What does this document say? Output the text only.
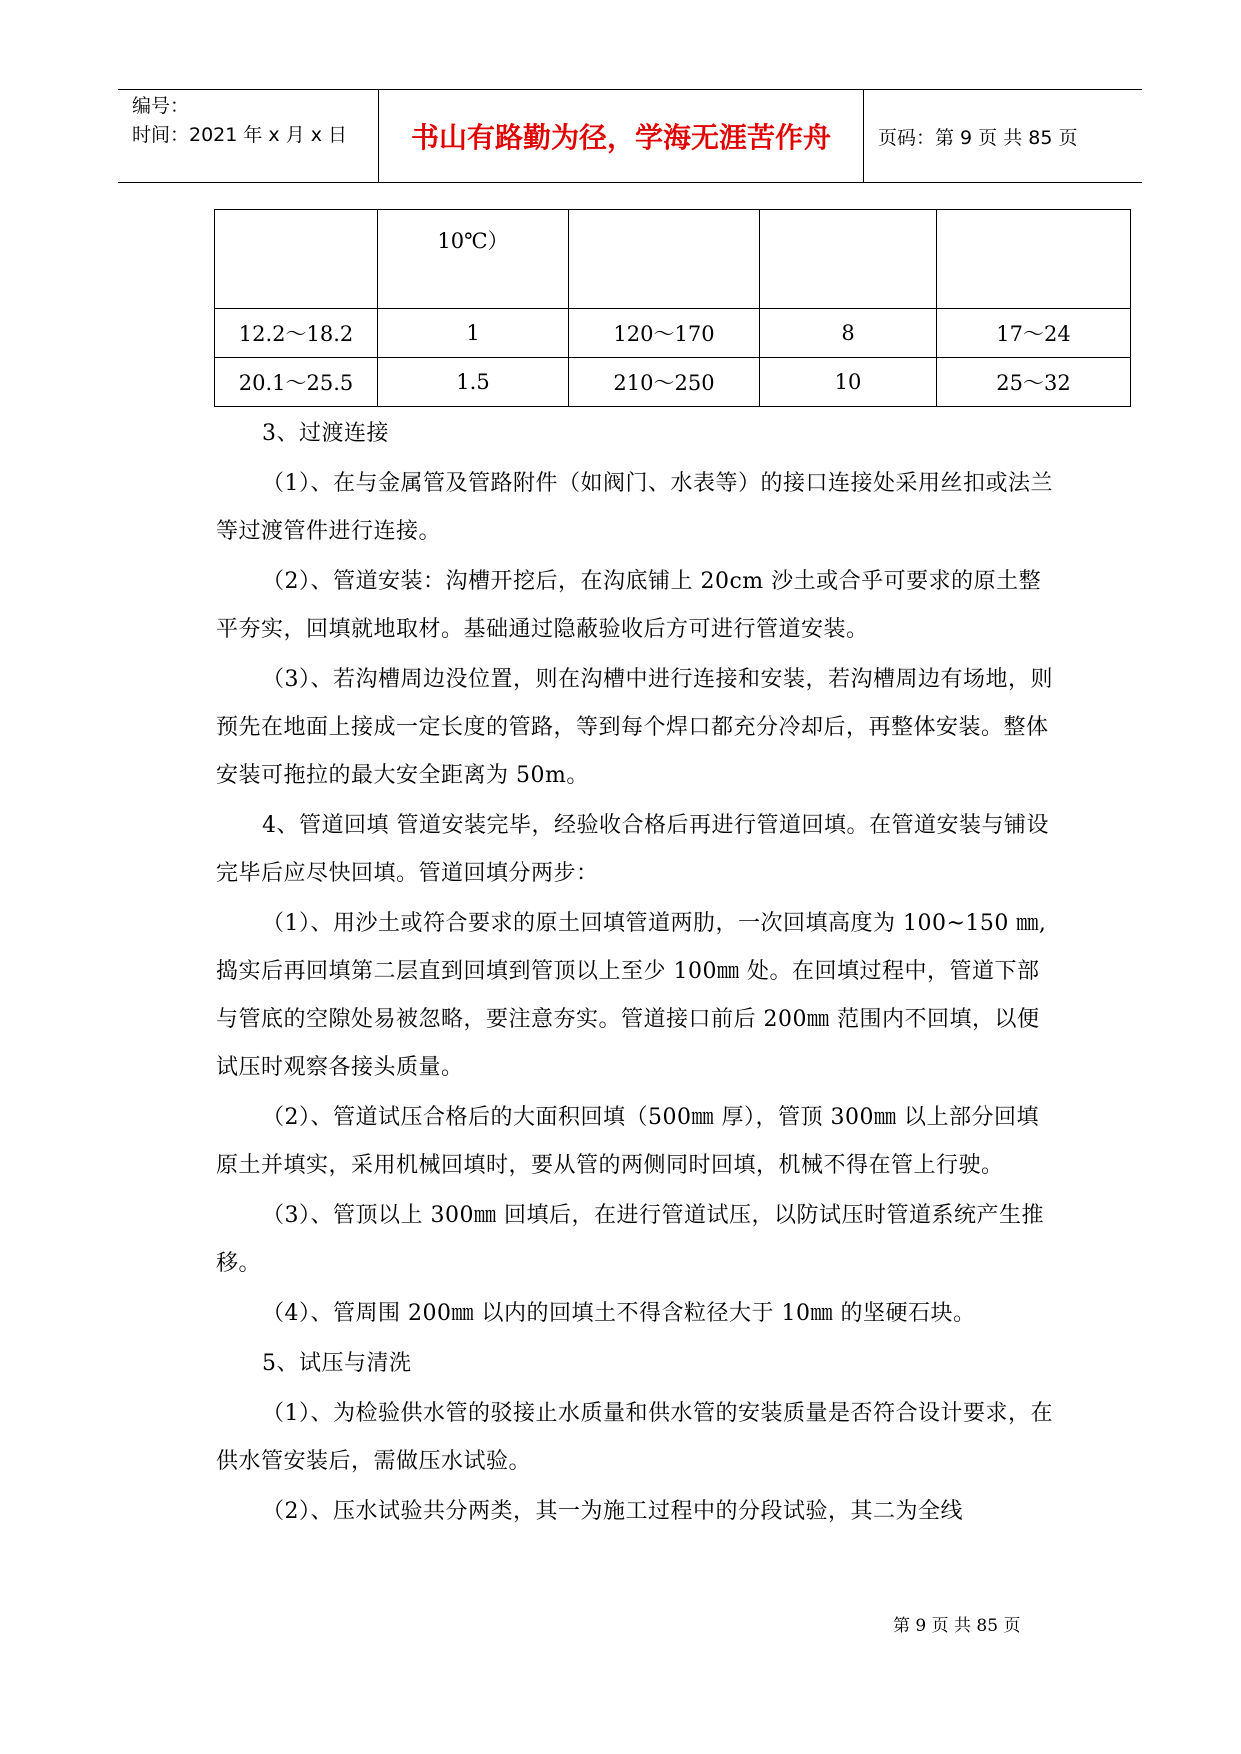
编号：
时间：2021 年 x 月 x 日	书山有路勤为径，学海无涯苦作舟	页码：第 9 页 共 85 页

	10℃）			

12.2～18.2	1	120～170	8	17～24
20.1～25.5	1.5	210～250	10	25～32

3、过渡连接

（1）、在与金属管及管路附件（如阀门、水表等）的接口连接处采用丝扣或法兰等过渡管件进行连接。

（2）、管道安装：沟槽开挖后，在沟底铺上 20cm 沙土或合乎可要求的原土整平夯实，回填就地取材。基础通过隐蔽验收后方可进行管道安装。

（3）、若沟槽周边没位置，则在沟槽中进行连接和安装，若沟槽周边有场地，则预先在地面上接成一定长度的管路，等到每个焊口都充分冷却后，再整体安装。整体安装可拖拉的最大安全距离为 50m。

4、管道回填 管道安装完毕，经验收合格后再进行管道回填。在管道安装与铺设完毕后应尽快回填。管道回填分两步：

（1）、用沙土或符合要求的原土回填管道两肋，一次回填高度为 100~150 ㎜,捣实后再回填第二层直到回填到管顶以上至少 100㎜ 处。在回填过程中，管道下部与管底的空隙处易被忽略，要注意夯实。管道接口前后 200㎜ 范围内不回填，以便试压时观察各接头质量。

（2）、管道试压合格后的大面积回填（500㎜ 厚），管顶 300㎜ 以上部分回填原土并填实，采用机械回填时，要从管的两侧同时回填，机械不得在管上行驶。

（3）、管顶以上 300㎜ 回填后，在进行管道试压，以防试压时管道系统产生推移。

（4）、管周围 200㎜ 以内的回填土不得含粒径大于 10㎜ 的坚硬石块。

5、试压与清洗

（1）、为检验供水管的驳接止水质量和供水管的安装质量是否符合设计要求，在供水管安装后，需做压水试验。

（2）、压水试验共分两类，其一为施工过程中的分段试验，其二为全线

第 9 页 共 85 页
